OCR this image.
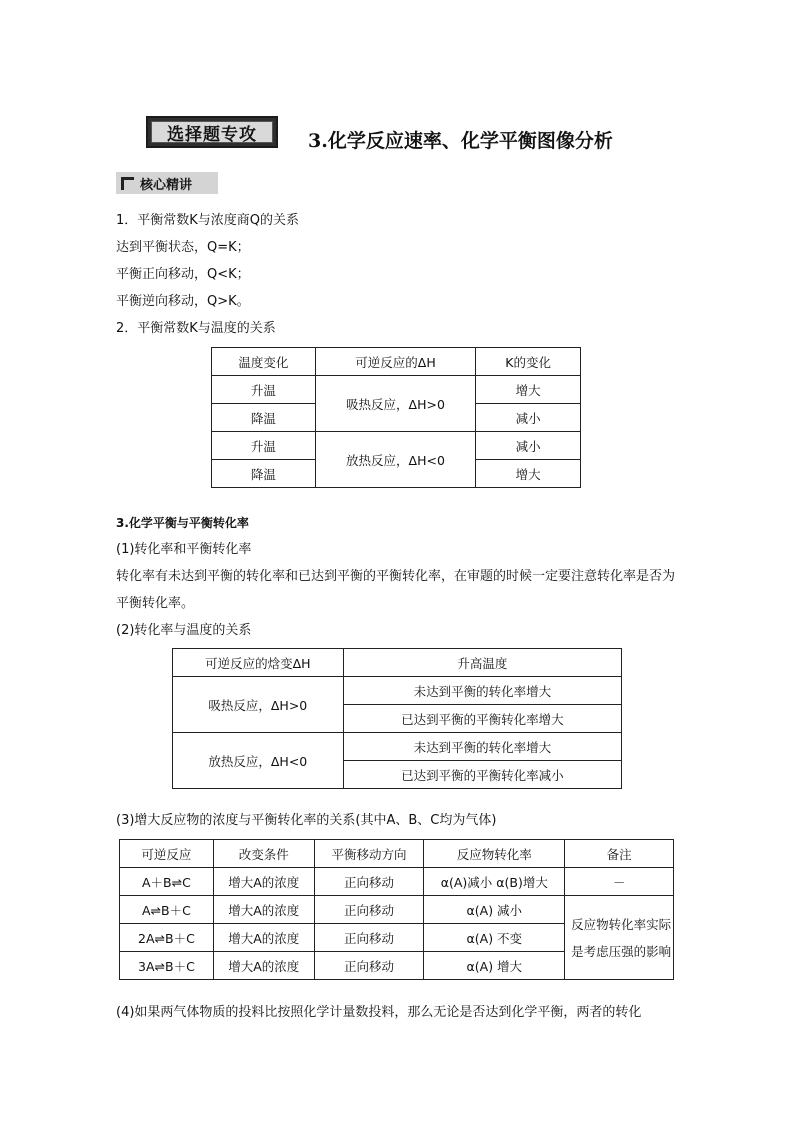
选择题专攻	3.化学反应速率、化学平衡图像分析
核心精讲
1．平衡常数K与浓度商Q的关系
达到平衡状态，Q=K；
平衡正向移动，Q<K；
平衡逆向移动，Q>K。
2．平衡常数K与温度的关系
温度变化	可逆反应的ΔH	K的变化
升温	吸热反应，ΔH>0	增大
降温		减小
升温	放热反应，ΔH<0	减小
降温		增大
3.化学平衡与平衡转化率
(1)转化率和平衡转化率
转化率有未达到平衡的转化率和已达到平衡的平衡转化率，在审题的时候一定要注意转化率是否为平衡转化率。
(2)转化率与温度的关系
可逆反应的焓变ΔH	升高温度
吸热反应，ΔH>0	未达到平衡的转化率增大
	已达到平衡的平衡转化率增大
放热反应，ΔH<0	未达到平衡的转化率增大
	已达到平衡的平衡转化率减小
(3)增大反应物的浓度与平衡转化率的关系(其中A、B、C均为气体)
可逆反应	改变条件	平衡移动方向	反应物转化率	备注
A＋B⇌C	增大A的浓度	正向移动	α(A)减小 α(B)增大	－
A⇌B＋C	增大A的浓度	正向移动	α(A) 减小	反应物转化率实际是考虑压强的影响
2A⇌B＋C	增大A的浓度	正向移动	α(A) 不变	
3A⇌B＋C	增大A的浓度	正向移动	α(A) 增大	
(4)如果两气体物质的投料比按照化学计量数投料，那么无论是否达到化学平衡，两者的转化
